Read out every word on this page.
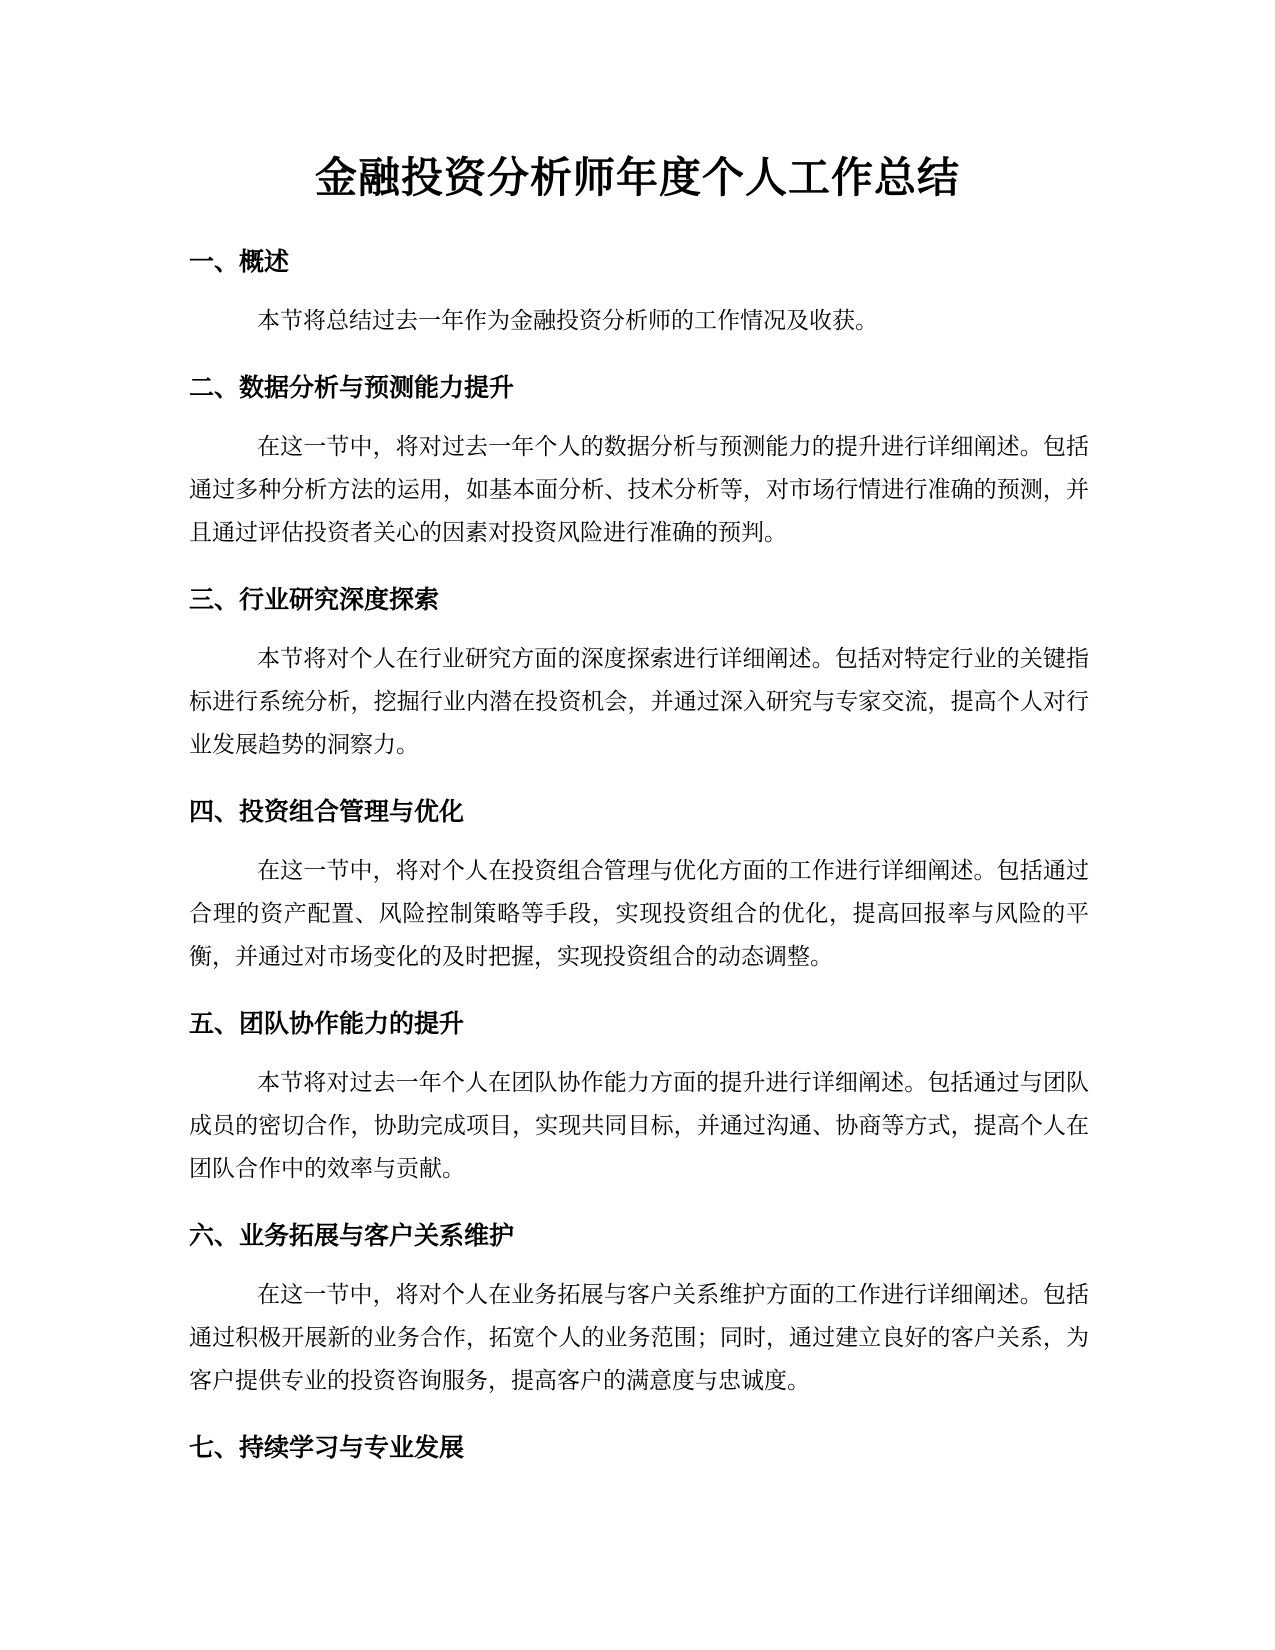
金融投资分析师年度个人工作总结
一、概述

本节将总结过去一年作为金融投资分析师的工作情况及收获。

二、数据分析与预测能力提升

在这一节中，将对过去一年个人的数据分析与预测能力的提升进行详细阐述。包括通过多种分析方法的运用，如基本面分析、技术分析等，对市场行情进行准确的预测，并且通过评估投资者关心的因素对投资风险进行准确的预判。

三、行业研究深度探索

本节将对个人在行业研究方面的深度探索进行详细阐述。包括对特定行业的关键指标进行系统分析，挖掘行业内潜在投资机会，并通过深入研究与专家交流，提高个人对行业发展趋势的洞察力。

四、投资组合管理与优化

在这一节中，将对个人在投资组合管理与优化方面的工作进行详细阐述。包括通过合理的资产配置、风险控制策略等手段，实现投资组合的优化，提高回报率与风险的平衡，并通过对市场变化的及时把握，实现投资组合的动态调整。

五、团队协作能力的提升

本节将对过去一年个人在团队协作能力方面的提升进行详细阐述。包括通过与团队成员的密切合作，协助完成项目，实现共同目标，并通过沟通、协商等方式，提高个人在团队合作中的效率与贡献。

六、业务拓展与客户关系维护

在这一节中，将对个人在业务拓展与客户关系维护方面的工作进行详细阐述。包括通过积极开展新的业务合作，拓宽个人的业务范围；同时，通过建立良好的客户关系，为客户提供专业的投资咨询服务，提高客户的满意度与忠诚度。

七、持续学习与专业发展
